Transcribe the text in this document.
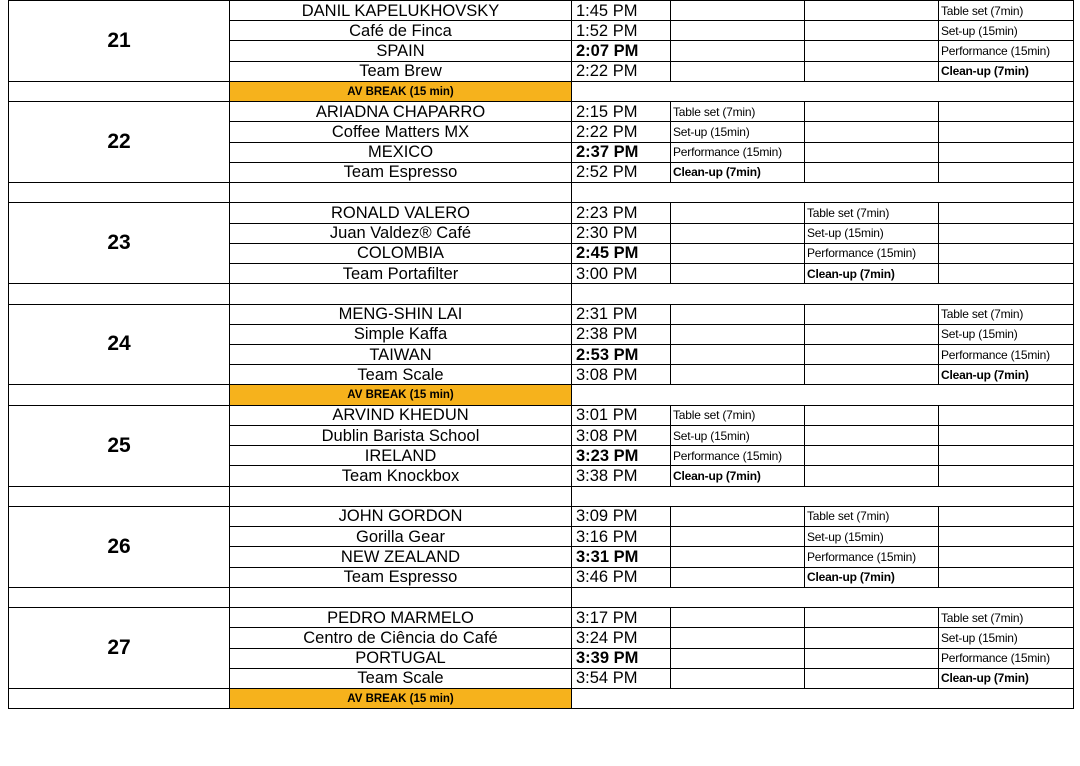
21	DANIL KAPELUKHOVSKY	1:45 PM			Table set (7min)
	Café de Finca	1:52 PM			Set-up (15min)
	SPAIN	2:07 PM			Performance (15min)
	Team Brew	2:22 PM			Clean-up (7min)
	AV BREAK (15 min)				
22	ARIADNA CHAPARRO	2:15 PM	Table set (7min)		
	Coffee Matters MX	2:22 PM	Set-up (15min)		
	MEXICO	2:37 PM	Performance (15min)		
	Team Espresso	2:52 PM	Clean-up (7min)		

23	RONALD VALERO	2:23 PM		Table set (7min)	
	Juan Valdez® Café	2:30 PM		Set-up (15min)	
	COLOMBIA	2:45 PM		Performance (15min)	
	Team Portafilter	3:00 PM		Clean-up (7min)	

24	MENG-SHIN LAI	2:31 PM			Table set (7min)
	Simple Kaffa	2:38 PM			Set-up (15min)
	TAIWAN	2:53 PM			Performance (15min)
	Team Scale	3:08 PM			Clean-up (7min)
	AV BREAK (15 min)				
25	ARVIND KHEDUN	3:01 PM	Table set (7min)		
	Dublin Barista School	3:08 PM	Set-up (15min)		
	IRELAND	3:23 PM	Performance (15min)		
	Team Knockbox	3:38 PM	Clean-up (7min)		

26	JOHN GORDON	3:09 PM		Table set (7min)	
	Gorilla Gear	3:16 PM		Set-up (15min)	
	NEW ZEALAND	3:31 PM		Performance (15min)	
	Team Espresso	3:46 PM		Clean-up (7min)	

27	PEDRO MARMELO	3:17 PM			Table set (7min)
	Centro de Ciência do Café	3:24 PM			Set-up (15min)
	PORTUGAL	3:39 PM			Performance (15min)
	Team Scale	3:54 PM			Clean-up (7min)
	AV BREAK (15 min)				
